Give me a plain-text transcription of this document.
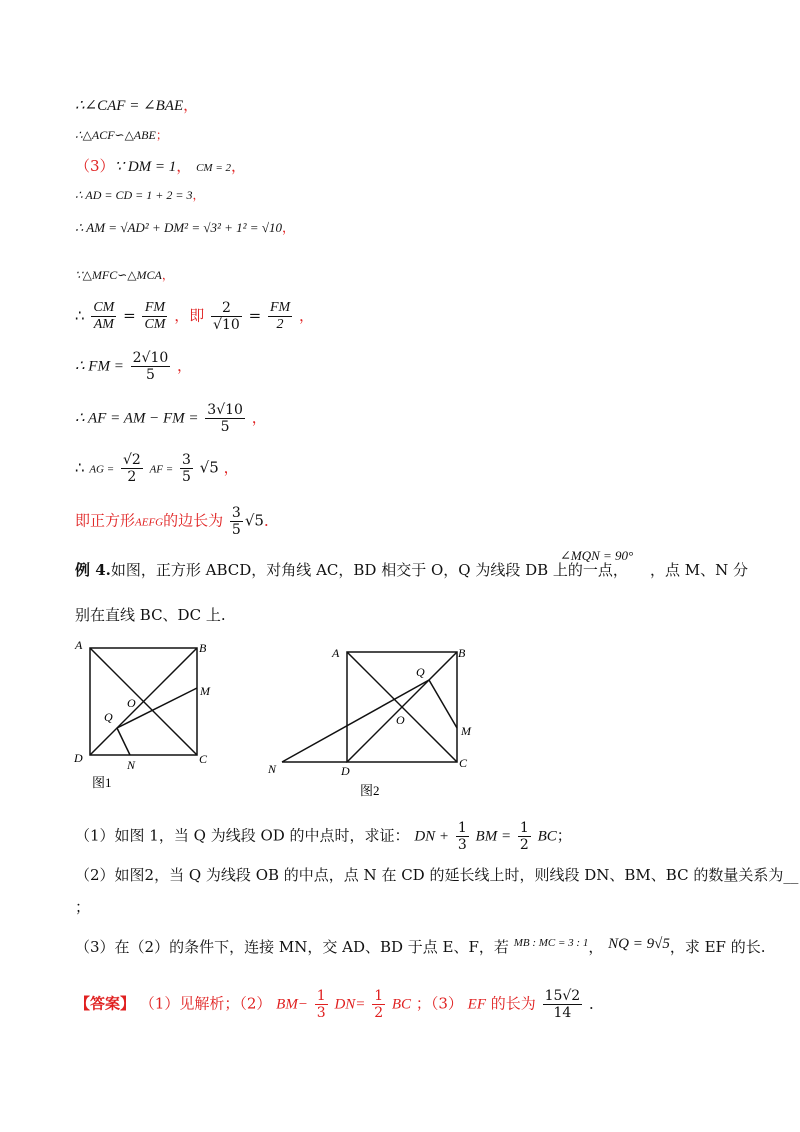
∴∠CAF = ∠BAE，
∴△ACF∽△ABE；
（3）∵ DM = 1， CM = 2，
∴ AD = CD = 1 + 2 = 3，
∴ AM = √AD² + DM² = √3² + 1² = √10，
∵△MFC∽△MCA，
∴ $\frac{CM}{AM} = \frac{FM}{CM}$ ，即 $\frac{2}{√10} = \frac{FM}{2}$ ，
∴ FM = $\frac{2√10}{5}$ ，
∴ AF = AM − FM = $\frac{3√10}{5}$ ，
∴ AG = $\frac{√2}{2}$ AF = $\frac{3}{5} √5$ ，
即正方形AEFG的边长为 $\frac{3}{5} √5$．
例 4.如图，正方形 ABCD，对角线 AC，BD 相交于 O，Q 为线段 DB 上的一点，
∠MQN = 90°
，点 M、N 分
别在直线 BC、DC 上.
A	B
C
D
O
Q
M
N
图1
A	B
C
D
O
Q
M
N
图2
（1）如图 1，当 Q 为线段 OD 的中点时，求证： DN + $\frac{1}{3}$ BM = $\frac{1}{2}$ BC；
（2）如图2，当 Q 为线段 OB 的中点，点 N 在 CD 的延长线上时，则线段 DN、BM、BC 的数量关系为__
；
（3）在（2）的条件下，连接 MN，交 AD、BD 于点 E、F，若 $^{MB : MC = 3 : 1}$， NQ = 9√5，求 EF 的长.
【答案】 （1）见解析；（2） $BM- \frac{1}{3} DN= \frac{1}{2}$ BC ；（3） EF 的长为 $\frac{15√2}{14}$ ．
